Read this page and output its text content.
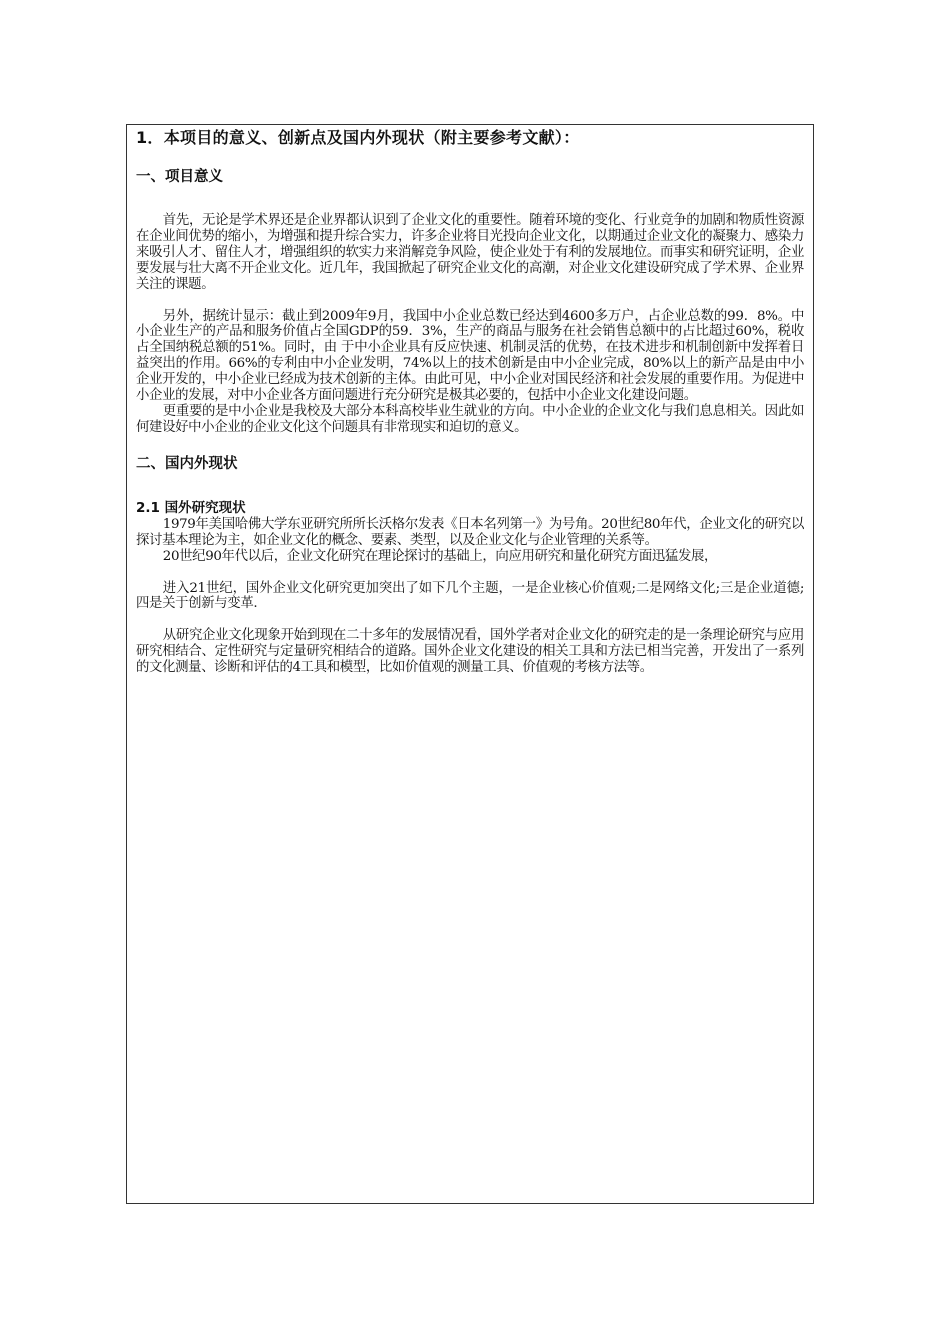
1．本项目的意义、创新点及国内外现状（附主要参考文献）：
一、项目意义

首先，无论是学术界还是企业界都认识到了企业文化的重要性。随着环境的变化、行业竞争的加剧和物质性资源在企业间优势的缩小，为增强和提升综合实力，许多企业将目光投向企业文化，以期通过企业文化的凝聚力、感染力来吸引人才、留住人才，增强组织的软实力来消解竞争风险，使企业处于有利的发展地位。而事实和研究证明，企业要发展与壮大离不开企业文化。近几年，我国掀起了研究企业文化的高潮，对企业文化建设研究成了学术界、企业界关注的课题。

另外，据统计显示：截止到2009年9月，我国中小企业总数已经达到4600多万户，占企业总数的99．8%。中小企业生产的产品和服务价值占全国GDP的59．3%，生产的商品与服务在社会销售总额中的占比超过60%，税收占全国纳税总额的51%。同时，由 于中小企业具有反应快速、机制灵活的优势，在技术进步和机制创新中发挥着日益突出的作用。66%的专利由中小企业发明，74%以上的技术创新是由中小企业完成，80%以上的新产品是由中小企业开发的，中小企业已经成为技术创新的主体。由此可见，中小企业对国民经济和社会发展的重要作用。为促进中小企业的发展，对中小企业各方面问题进行充分研究是极其必要的，包括中小企业文化建设问题。

更重要的是中小企业是我校及大部分本科高校毕业生就业的方向。中小企业的企业文化与我们息息相关。因此如何建设好中小企业的企业文化这个问题具有非常现实和迫切的意义。

二、国内外现状
2.1 国外研究现状

1979年美国哈佛大学东亚研究所所长沃格尔发表《日本名列第一》为号角。20世纪80年代，企业文化的研究以探讨基本理论为主，如企业文化的概念、要素、类型，以及企业文化与企业管理的关系等。

20世纪90年代以后，企业文化研究在理论探讨的基础上，向应用研究和量化研究方面迅猛发展，

进入21世纪，国外企业文化研究更加突出了如下几个主题，一是企业核心价值观;二是网络文化;三是企业道德;四是关于创新与变革.

从研究企业文化现象开始到现在二十多年的发展情况看，国外学者对企业文化的研究走的是一条理论研究与应用研究相结合、定性研究与定量研究相结合的道路。国外企业文化建设的相关工具和方法已相当完善，开发出了一系列的文化测量、诊断和评估的4工具和模型，比如价值观的测量工具、价值观的考核方法等。
